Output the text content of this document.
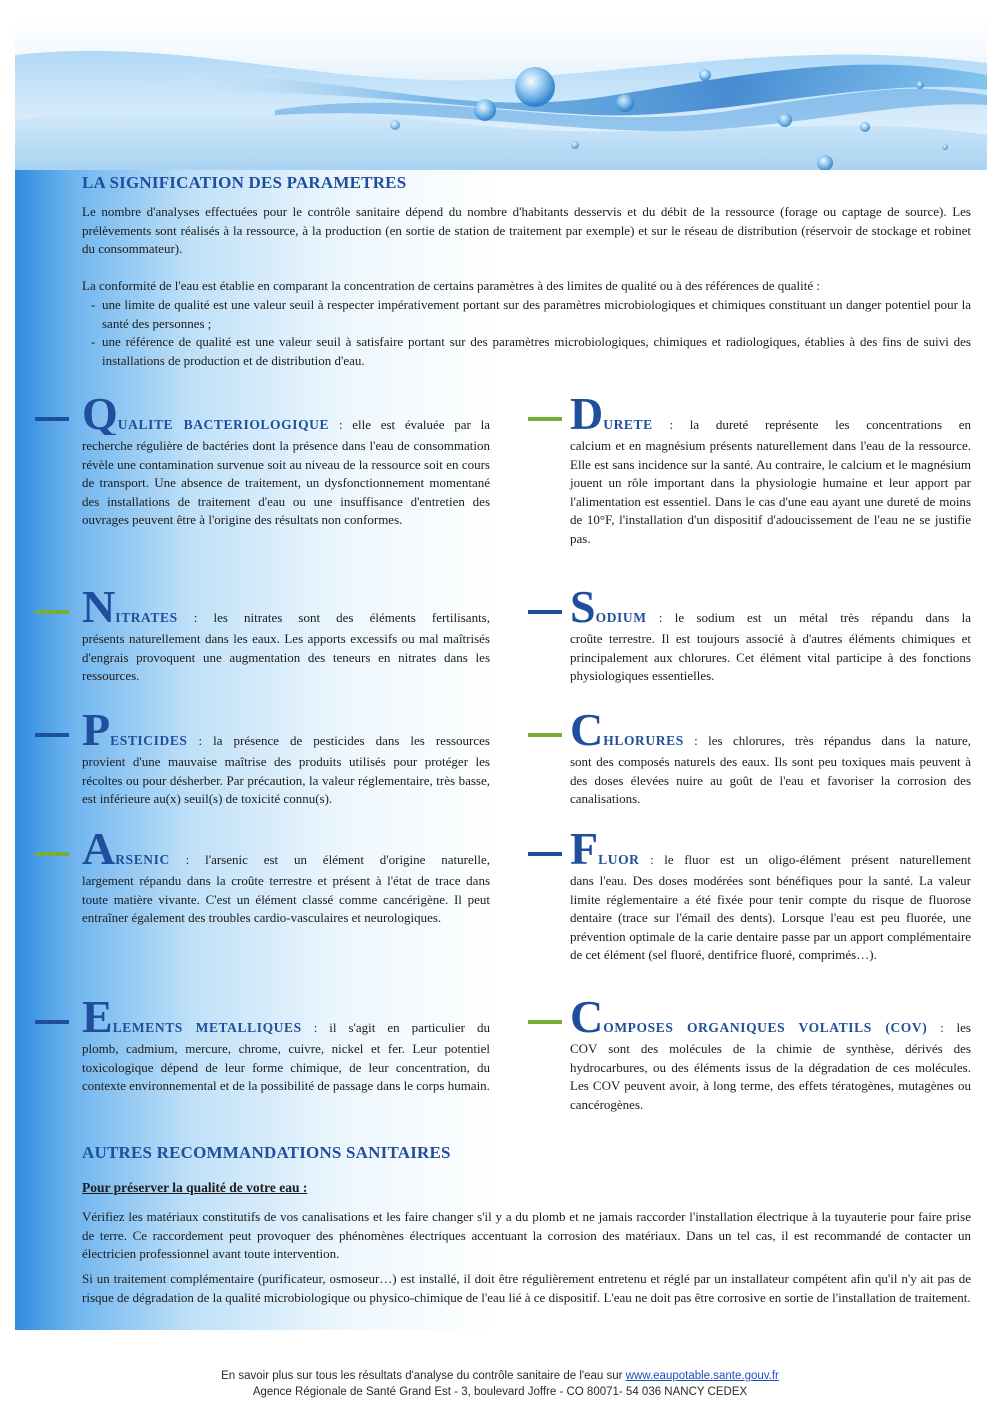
LA SIGNIFICATION DES PARAMETRES

Le nombre d'analyses effectuées pour le contrôle sanitaire dépend du nombre d'habitants desservis et du débit de la ressource (forage ou captage de source). Les prélèvements sont réalisés à la ressource, à la production (en sortie de station de traitement par exemple) et sur le réseau de distribution (réservoir de stockage et robinet du consommateur).

La conformité de l'eau est établie en comparant la concentration de certains paramètres à des limites de qualité ou à des références de qualité :

- une limite de qualité est une valeur seuil à respecter impérativement portant sur des paramètres microbiologiques et chimiques constituant un danger potentiel pour la santé des personnes ;
- une référence de qualité est une valeur seuil à satisfaire portant sur des paramètres microbiologiques, chimiques et radiologiques, établies à des fins de suivi des installations de production et de distribution d'eau.
QUALITE BACTERIOLOGIQUE : elle est évaluée par la
recherche régulière de bactéries dont la présence dans l'eau de consommation révèle une contamination survenue soit au niveau de la ressource soit en cours de transport. Une absence de traitement, un dysfonctionnement momentané des installations de traitement d'eau ou une insuffisance d'entretien des ouvrages peuvent être à l'origine des résultats non conformes.
DURETE : la dureté représente les concentrations en
calcium et en magnésium présents naturellement dans l'eau de la ressource. Elle est sans incidence sur la santé. Au contraire, le calcium et le magnésium jouent un rôle important dans la physiologie humaine et leur apport par l'alimentation est essentiel. Dans le cas d'une eau ayant une dureté de moins de 10°F, l'installation d'un dispositif d'adoucissement de l'eau ne se justifie pas.
NITRATES : les nitrates sont des éléments fertilisants,
présents naturellement dans les eaux. Les apports excessifs ou mal maîtrisés d'engrais provoquent une augmentation des teneurs en nitrates dans les ressources.
SODIUM : le sodium est un métal très répandu dans la
croûte terrestre. Il est toujours associé à d'autres éléments chimiques et principalement aux chlorures. Cet élément vital participe à des fonctions physiologiques essentielles.
PESTICIDES : la présence de pesticides dans les ressources
provient d'une mauvaise maîtrise des produits utilisés pour protéger les récoltes ou pour désherber. Par précaution, la valeur réglementaire, très basse, est inférieure au(x) seuil(s) de toxicité connu(s).
CHLORURES : les chlorures, très répandus dans la nature,
sont des composés naturels des eaux. Ils sont peu toxiques mais peuvent à des doses élevées nuire au goût de l'eau et favoriser la corrosion des canalisations.
ARSENIC : l'arsenic est un élément d'origine naturelle,
largement répandu dans la croûte terrestre et présent à l'état de trace dans toute matière vivante. C'est un élément classé comme cancérigène. Il peut entraîner également des troubles cardio-vasculaires et neurologiques.
FLUOR : le fluor est un oligo-élément présent naturellement
dans l'eau. Des doses modérées sont bénéfiques pour la santé. La valeur limite réglementaire a été fixée pour tenir compte du risque de fluorose dentaire (trace sur l'émail des dents). Lorsque l'eau est peu fluorée, une prévention optimale de la carie dentaire passe par un apport complémentaire de cet élément (sel fluoré, dentifrice fluoré, comprimés…).
ELEMENTS METALLIQUES : il s'agit en particulier du
plomb, cadmium, mercure, chrome, cuivre, nickel et fer. Leur potentiel toxicologique dépend de leur forme chimique, de leur concentration, du contexte environnemental et de la possibilité de passage dans le corps humain.
COMPOSES ORGANIQUES VOLATILS (COV) : les
COV sont des molécules de la chimie de synthèse, dérivés des hydrocarbures, ou des éléments issus de la dégradation de ces molécules. Les COV peuvent avoir, à long terme, des effets tératogènes, mutagènes ou cancérogènes.
AUTRES RECOMMANDATIONS SANITAIRES

Pour préserver la qualité de votre eau :

Vérifiez les matériaux constitutifs de vos canalisations et les faire changer s'il y a du plomb et ne jamais raccorder l'installation électrique à la tuyauterie pour faire prise de terre. Ce raccordement peut provoquer des phénomènes électriques accentuant la corrosion des matériaux. Dans un tel cas, il est recommandé de contacter un électricien professionnel avant toute intervention.

Si un traitement complémentaire (purificateur, osmoseur…) est installé, il doit être régulièrement entretenu et réglé par un installateur compétent afin qu'il n'y ait pas de risque de dégradation de la qualité microbiologique ou physico-chimique de l'eau lié à ce dispositif. L'eau ne doit pas être corrosive en sortie de l'installation de traitement.

En savoir plus sur tous les résultats d'analyse du contrôle sanitaire de l'eau sur www.eaupotable.sante.gouv.fr
Agence Régionale de Santé Grand Est - 3, boulevard Joffre - CO 80071- 54 036 NANCY CEDEX
